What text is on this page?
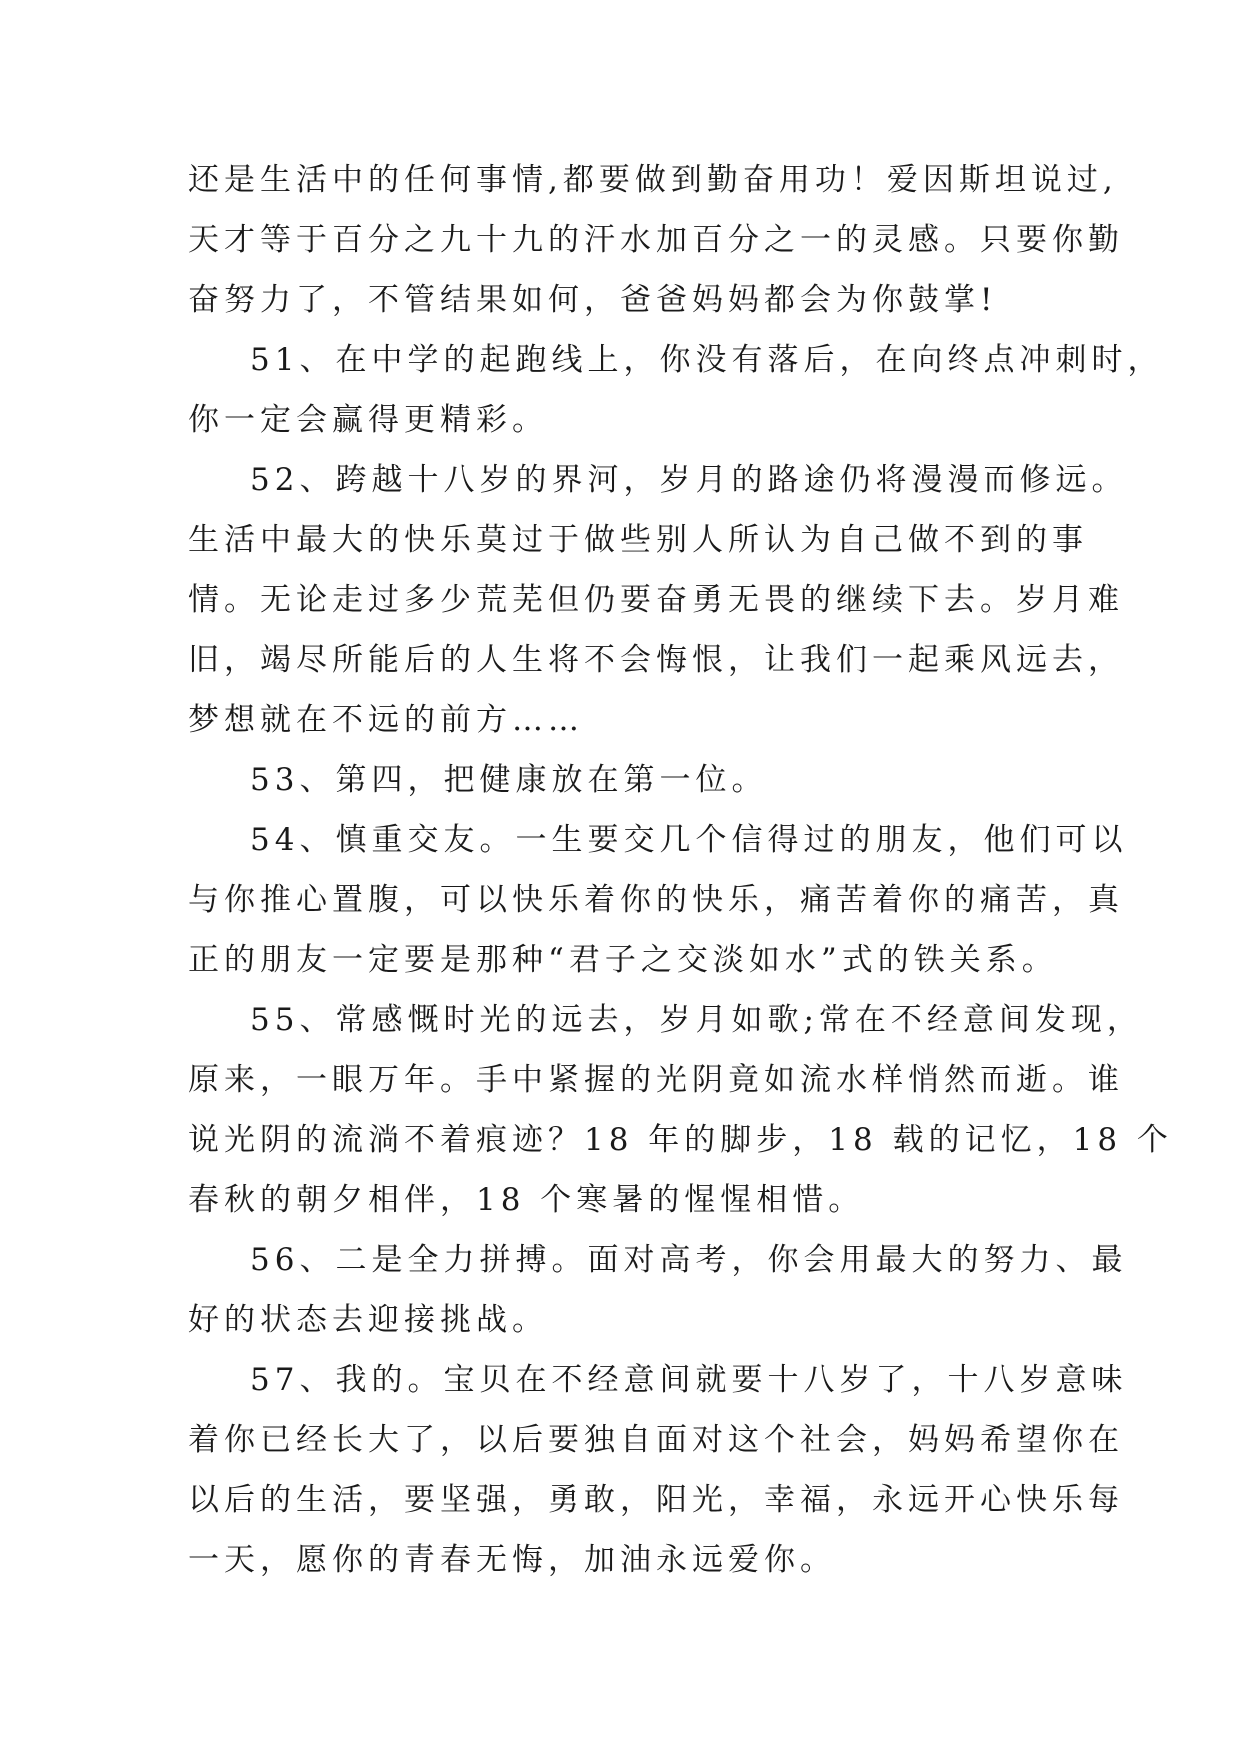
还是生活中的任何事情,都要做到勤奋用功！爱因斯坦说过,
天才等于百分之九十九的汗水加百分之一的灵感。只要你勤
奋努力了，不管结果如何，爸爸妈妈都会为你鼓掌!
51、在中学的起跑线上，你没有落后，在向终点冲刺时，
你一定会赢得更精彩。
52、跨越十八岁的界河，岁月的路途仍将漫漫而修远。
生活中最大的快乐莫过于做些别人所认为自己做不到的事
情。无论走过多少荒芜但仍要奋勇无畏的继续下去。岁月难
旧，竭尽所能后的人生将不会悔恨，让我们一起乘风远去，
梦想就在不远的前方……
53、第四，把健康放在第一位。
54、慎重交友。一生要交几个信得过的朋友，他们可以
与你推心置腹，可以快乐着你的快乐，痛苦着你的痛苦，真
正的朋友一定要是那种“君子之交淡如水”式的铁关系。
55、常感慨时光的远去，岁月如歌;常在不经意间发现，
原来，一眼万年。手中紧握的光阴竟如流水样悄然而逝。谁
说光阴的流淌不着痕迹？18 年的脚步，18 载的记忆，18 个
春秋的朝夕相伴，18 个寒暑的惺惺相惜。
56、二是全力拼搏。面对高考，你会用最大的努力、最
好的状态去迎接挑战。
57、我的。宝贝在不经意间就要十八岁了，十八岁意味
着你已经长大了，以后要独自面对这个社会，妈妈希望你在
以后的生活，要坚强，勇敢，阳光，幸福，永远开心快乐每
一天，愿你的青春无悔，加油永远爱你。
